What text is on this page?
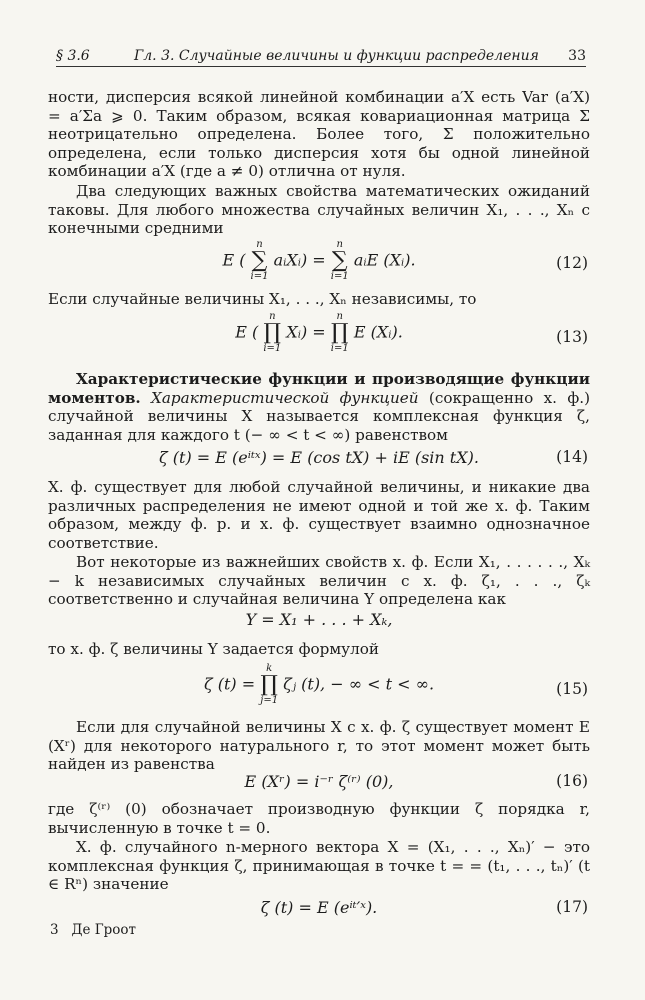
§ 3.6	Гл. 3. Случайные величины и функции распределения 33

ности, дисперсия всякой линейной комбинации a′X есть Var (a′X) = a′Σa ⩾ 0. Таким образом, всякая ковариационная матрица Σ неотрицательно определена. Более того, Σ положительно определена, если только дисперсия хотя бы одной линейной комбинации a′X (где a ≠ 0) отлична от нуля.

Два следующих важных свойства математических ожиданий таковы. Для любого множества случайных величин X₁, . . ., Xₙ с конечными средними

E (
n
∑
i=1
aᵢXᵢ) =
n
∑
i=1
aᵢE (Xᵢ).	(12)

Если случайные величины X₁, . . ., Xₙ независимы, то

E (
n
∏
i=1
Xᵢ) =
n
∏
i=1
E (Xᵢ).	(13)

Характеристические функции и производящие функции моментов. Характеристической функцией (сокращенно х. ф.) случайной величины X называется комплексная функция ζ, заданная для каждого t (− ∞ < t < ∞) равенством

ζ (t) = E (eⁱᵗˣ) = E (cos tX) + iE (sin tX).	(14)

Х. ф. существует для любой случайной величины, и никакие два различных распределения не имеют одной и той же х. ф. Таким образом, между ф. р. и х. ф. существует взаимно однозначное соответствие.

Вот некоторые из важнейших свойств х. ф. Если X₁, . . . . . ., Xₖ − k независимых случайных величин с х. ф. ζ₁, . . ., ζₖ соответственно и случайная величина Y определена как

Y = X₁ + . . . + Xₖ,

то х. ф. ζ величины Y задается формулой

ζ (t) =
k
∏
j=1
ζⱼ (t), − ∞ < t < ∞.	(15)

Если для случайной величины X с х. ф. ζ существует момент E (Xʳ) для некоторого натурального r, то этот момент может быть найден из равенства

E (Xʳ) = i⁻ʳ ζ⁽ʳ⁾ (0),	(16)

где ζ⁽ʳ⁾ (0) обозначает производную функции ζ порядка r, вычисленную в точке t = 0.

Х. ф. случайного n-мерного вектора X = (X₁, . . ., Xₙ)′ − это комплексная функция ζ, принимающая в точке t = = (t₁, . . ., tₙ)′ (t ∈ Rⁿ) значение

ζ (t) = E (eⁱᵗ′ˣ).	(17)
3 Де Гроот
